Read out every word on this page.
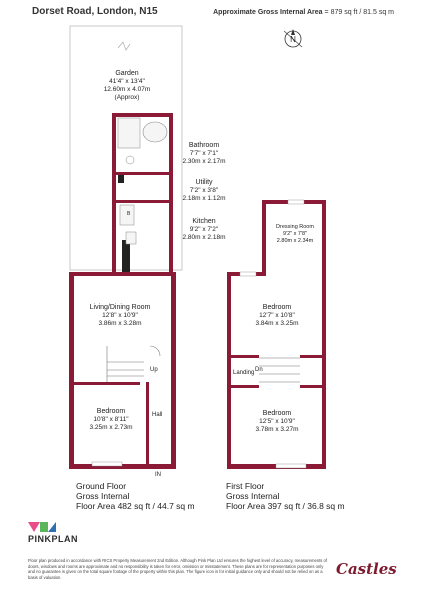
Dorset Road, London, N15	Approximate Gross Internal Area = 879 sq ft / 81.5 sq m
N
Garden
41'4" x 13'4"
12.60m x 4.07m
(Approx)
Bathroom
7'7" x 7'1"
2.30m x 2.17m
Utility
7'2" x 3'8"
2.18m x 1.12m
Kitchen
9'2" x 7'2"
2.80m x 2.18m
Living/Dining Room
12'8" x 10'9"
3.86m x 3.28m
Bedroom
10'8" x 8'11"
3.25m x 2.73m
Dressing Room
9'2" x 7'8"
2.80m x 2.34m
Bedroom
12'7" x 10'8"
3.84m x 3.25m
Bedroom
12'5" x 10'9"
3.78m x 3.27m
Hall
Up	Dn
Landing
IN
B
Ground Floor
Gross Internal
Floor Area 482 sq ft / 44.7 sq m
First Floor
Gross Internal
Floor Area 397 sq ft / 36.8 sq m
PINKPLAN
Floor plan produced in accordance with RICS Property Measurement 2nd Edition. Although Pink Plan Ltd ensures the highest level of accuracy, measurements of doors, windows and rooms are approximate and no responsibility is taken for error, omission or misstatement. These plans are for representation purposes only and no guarantee is given on the total square footage of the property within this plan. The figure icon is for initial guidance only and should not be relied on as a basis of valuation.	Castles
